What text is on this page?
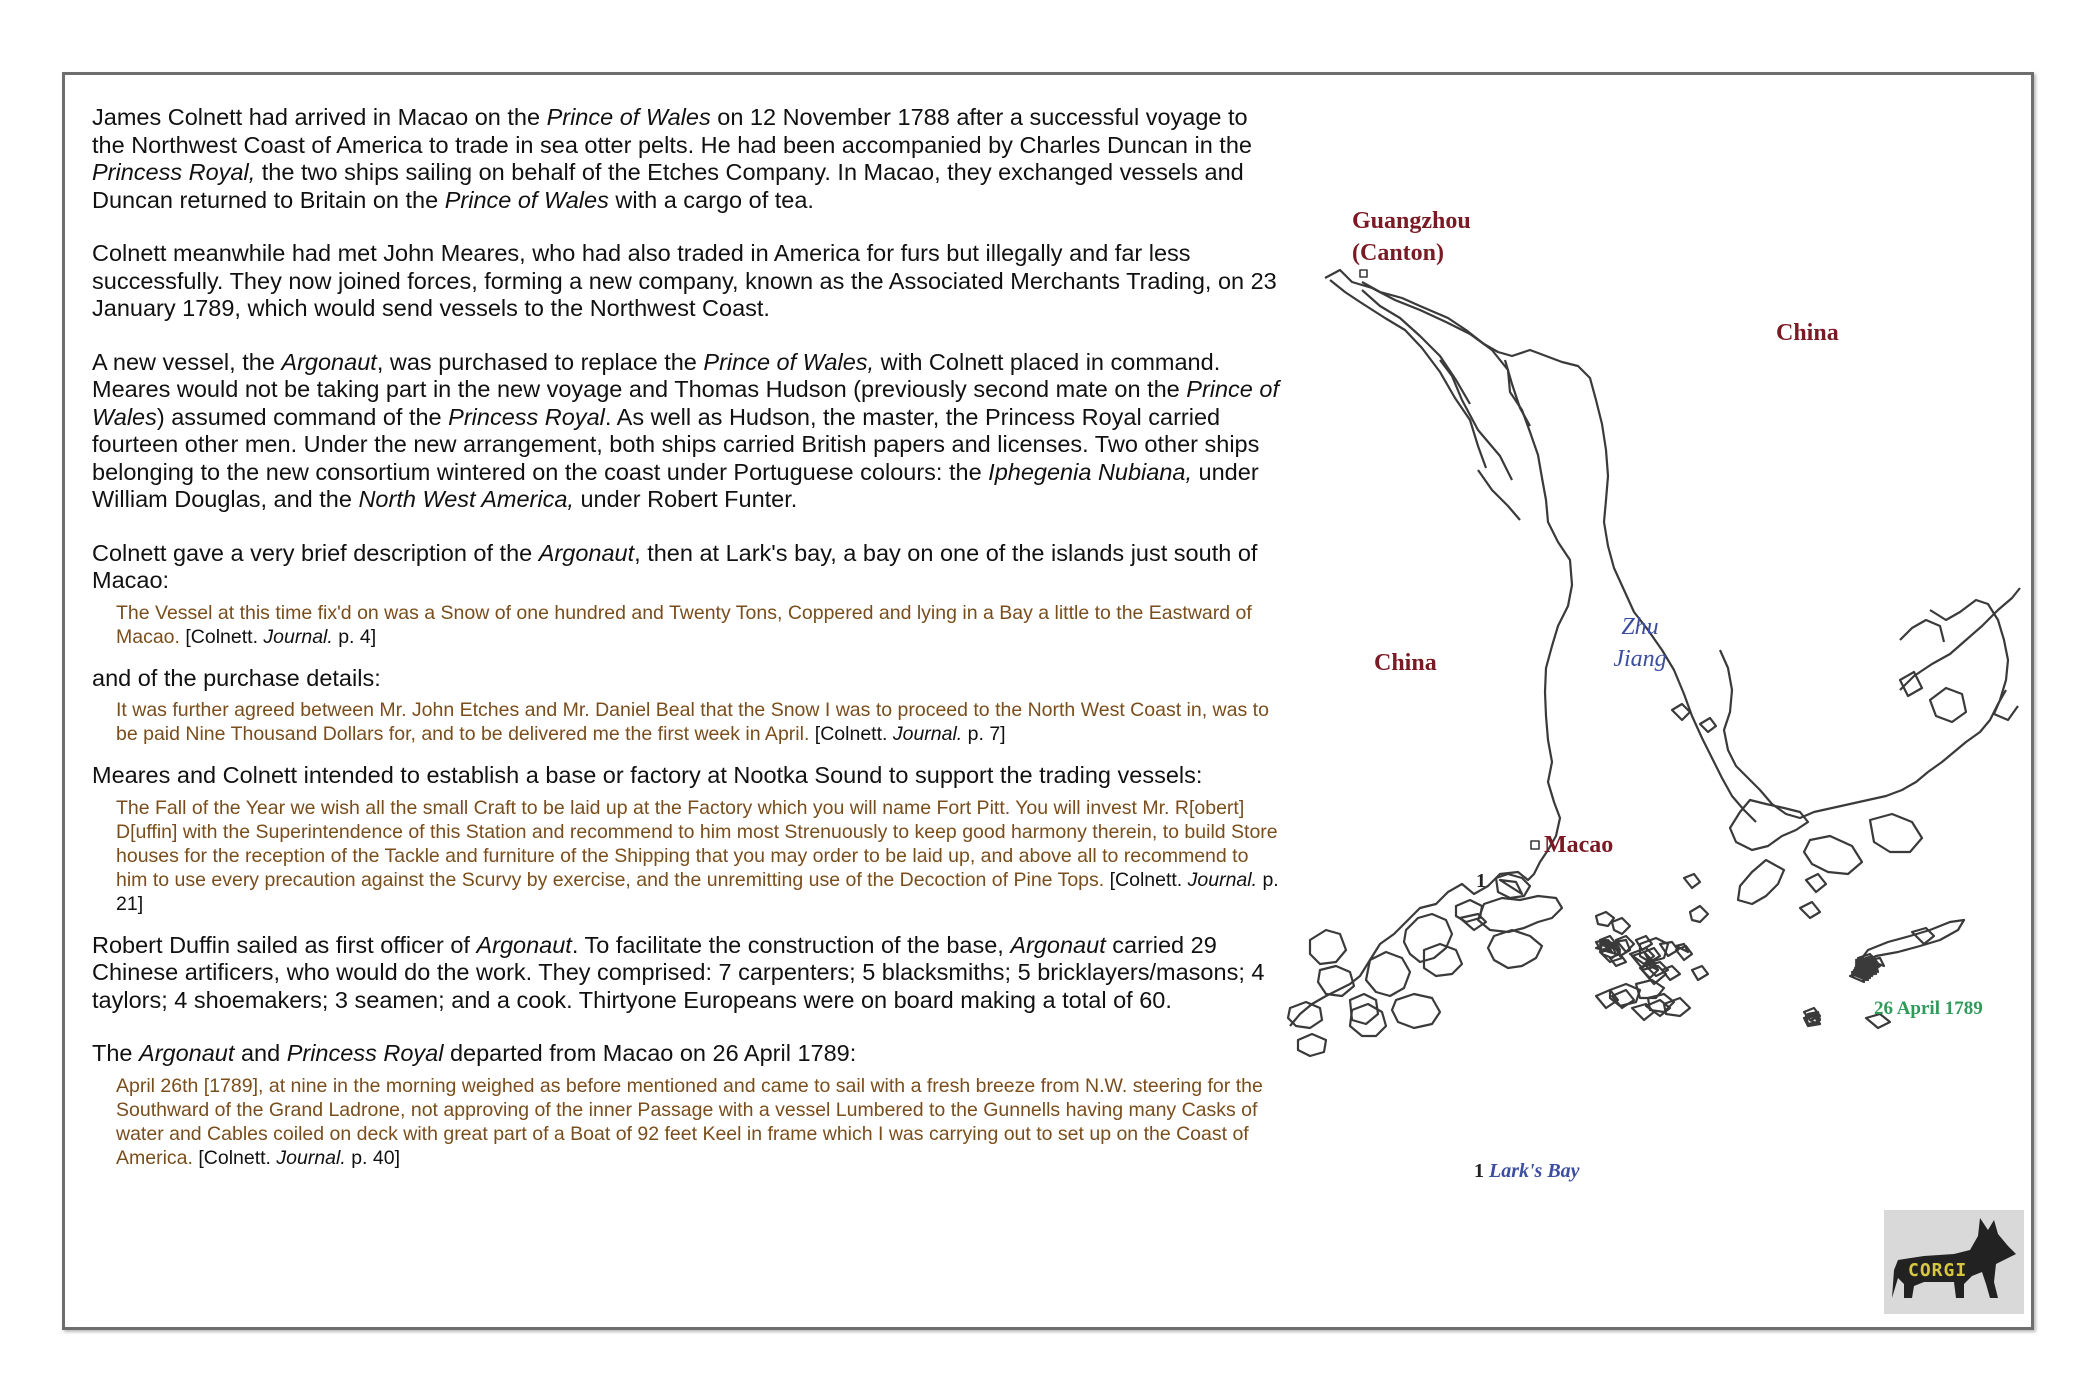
James Colnett had arrived in Macao on the Prince of Wales on 12 November 1788 after a successful voyage to the Northwest Coast of America to trade in sea otter pelts. He had been accompanied by Charles Duncan in the Princess Royal, the two ships sailing on behalf of the Etches Company. In Macao, they exchanged vessels and Duncan returned to Britain on the Prince of Wales with a cargo of tea.

Colnett meanwhile had met John Meares, who had also traded in America for furs but illegally and far less successfully. They now joined forces, forming a new company, known as the Associated Merchants Trading, on 23 January 1789, which would send vessels to the Northwest Coast.

A new vessel, the Argonaut, was purchased to replace the Prince of Wales, with Colnett placed in command. Meares would not be taking part in the new voyage and Thomas Hudson (previously second mate on the Prince of Wales) assumed command of the Princess Royal. As well as Hudson, the master, the Princess Royal carried fourteen other men. Under the new arrangement, both ships carried British papers and licenses. Two other ships belonging to the new consortium wintered on the coast under Portuguese colours: the Iphegenia Nubiana, under William Douglas, and the North West America, under Robert Funter.

Colnett gave a very brief description of the Argonaut, then at Lark's bay, a bay on one of the islands just south of Macao:

The Vessel at this time fix'd on was a Snow of one hundred and Twenty Tons, Coppered and lying in a Bay a little to the Eastward of Macao. [Colnett. Journal. p. 4]

and of the purchase details:

It was further agreed between Mr. John Etches and Mr. Daniel Beal that the Snow I was to proceed to the North West Coast in, was to be paid Nine Thousand Dollars for, and to be delivered me the first week in April. [Colnett. Journal. p. 7]

Meares and Colnett intended to establish a base or factory at Nootka Sound to support the trading vessels:

The Fall of the Year we wish all the small Craft to be laid up at the Factory which you will name Fort Pitt. You will invest Mr. R[obert] D[uffin] with the Superintendence of this Station and recommend to him most Strenuously to keep good harmony therein, to build Store houses for the reception of the Tackle and furniture of the Shipping that you may order to be laid up, and above all to recommend to him to use every precaution against the Scurvy by exercise, and the unremitting use of the Decoction of Pine Tops. [Colnett. Journal. p. 21]

Robert Duffin sailed as first officer of Argonaut. To facilitate the construction of the base, Argonaut carried 29 Chinese artificers, who would do the work. They comprised: 7 carpenters; 5 blacksmiths; 5 bricklayers/masons; 4 taylors; 4 shoemakers; 3 seamen; and a cook. Thirtyone Europeans were on board making a total of 60.

The Argonaut and Princess Royal departed from Macao on 26 April 1789:

April 26th [1789], at nine in the morning weighed as before mentioned and came to sail with a fresh breeze from N.W. steering for the Southward of the Grand Ladrone, not approving of the inner Passage with a vessel Lumbered to the Gunnells having many Casks of water and Cables coiled on deck with great part of a Boat of 92 feet Keel in frame which I was carrying out to set up on the Coast of America. [Colnett. Journal. p. 40]

Guangzhou
(Canton)
China
China
Zhu
Jiang
Macao
1
26 April 1789
1 Lark's Bay
CORGI
